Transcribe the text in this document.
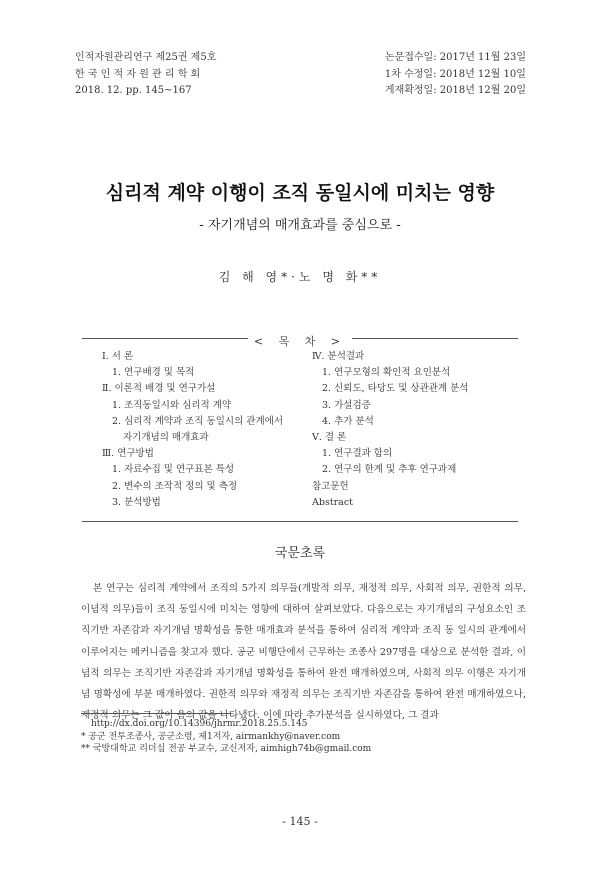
인적자원관리연구 제25권 제5호
한 국 인 적 자 원 관 리 학 회
2018. 12. pp. 145~167
논문접수일: 2017년 11월 23일
1차 수정일: 2018년 12월 10일
게재확정일: 2018년 12월 20일
심리적 계약 이행이 조직 동일시에 미치는 영향
- 자기개념의 매개효과를 중심으로 -
김 해 영*·노 명 화**
< 목 차 >
Ⅰ. 서 론
1. 연구배경 및 목적
Ⅱ. 이론적 배경 및 연구가설
1. 조직동일시와 심리적 계약
2. 심리적 계약과 조직 동일시의 관계에서
자기개념의 매개효과
Ⅲ. 연구방법
1. 자료수집 및 연구표본 특성
2. 변수의 조작적 정의 및 측정
3. 분석방법
Ⅳ. 분석결과
1. 연구모형의 확인적 요인분석
2. 신뢰도, 타당도 및 상관관계 분석
3. 가설검증
4. 추가 분석
Ⅴ. 결 론
1. 연구결과 함의
2. 연구의 한계 및 추후 연구과제
참고문헌
Abstract
국문초록

본 연구는 심리적 계약에서 조직의 5가지 의무들(개발적 의무, 재정적 의무, 사회적 의무, 권한적 의무, 이념적 의무)들이 조직 동일시에 미치는 영향에 대하여 살펴보았다. 다음으로는 자기개념의 구성요소인 조직기반 자존감과 자기개념 명확성을 통한 매개효과 분석을 통하여 심리적 계약과 조직 동 일시의 관계에서 이루어지는 메커니즘을 찾고자 했다. 공군 비행단에서 근무하는 조종사 297명을 대상으로 분석한 결과, 이념적 의무는 조직기반 자존감과 자기개념 명확성을 통하여 완전 매개하였으며, 사회적 의무 이행은 자기개념 명확성에 부분 매개하였다. 권한적 의무와 재정적 의무는 조직기반 자존감을 통하여 완전 매개하였으나, 재정적 의무는 그 값이 음의 값을 나타냈다. 이에 따라 추가분석을 실시하였다, 그 결과

http://dx.doi.org/10.14396/jhrmr.2018.25.5.145
* 공군 전투조종사, 공군소령, 제1저자, airmankhy@naver.com
** 국방대학교 리더십 전공 부교수, 교신저자, aimhigh74b@gmail.com
- 145 -
